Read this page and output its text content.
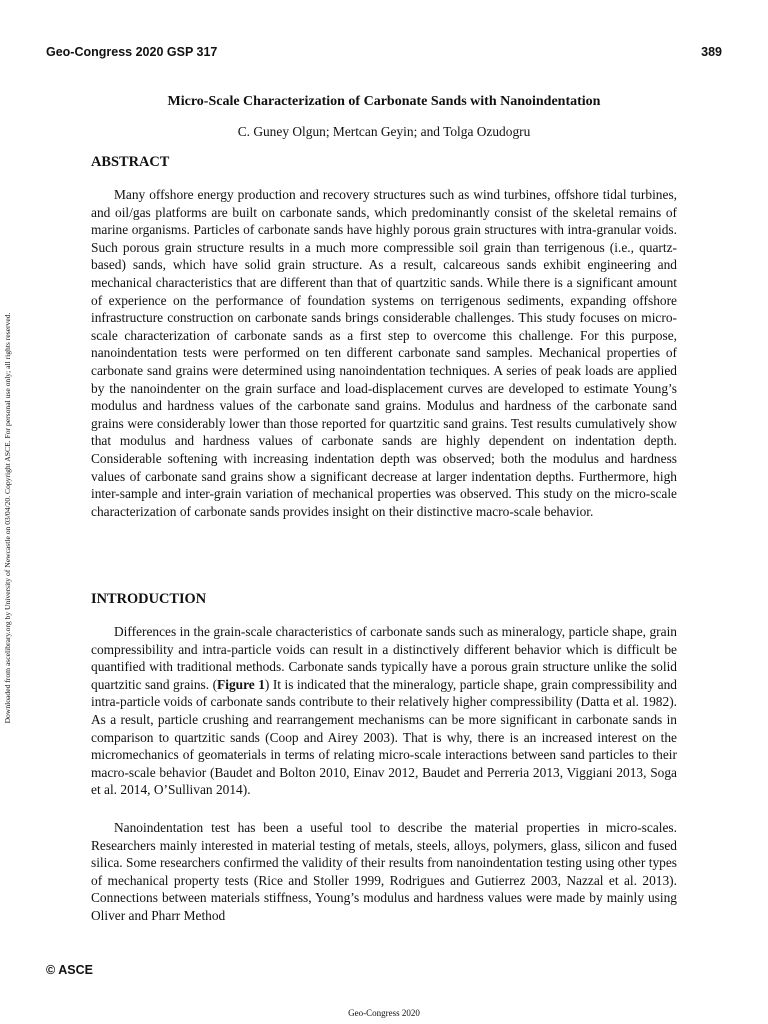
Geo-Congress 2020 GSP 317	389
Downloaded from ascelibrary.org by University of Newcastle on 03/04/20. Copyright ASCE. For personal use only; all rights reserved.
Micro-Scale Characterization of Carbonate Sands with Nanoindentation
C. Guney Olgun; Mertcan Geyin; and Tolga Ozudogru
ABSTRACT

Many offshore energy production and recovery structures such as wind turbines, offshore tidal turbines, and oil/gas platforms are built on carbonate sands, which predominantly consist of the skeletal remains of marine organisms. Particles of carbonate sands have highly porous grain structures with intra-granular voids. Such porous grain structure results in a much more compressible soil grain than terrigenous (i.e., quartz-based) sands, which have solid grain structure. As a result, calcareous sands exhibit engineering and mechanical characteristics that are different than that of quartzitic sands. While there is a significant amount of experience on the performance of foundation systems on terrigenous sediments, expanding offshore infrastructure construction on carbonate sands brings considerable challenges. This study focuses on micro-scale characterization of carbonate sands as a first step to overcome this challenge. For this purpose, nanoindentation tests were performed on ten different carbonate sand samples. Mechanical properties of carbonate sand grains were determined using nanoindentation techniques. A series of peak loads are applied by the nanoindenter on the grain surface and load-displacement curves are developed to estimate Young’s modulus and hardness values of the carbonate sand grains. Modulus and hardness of the carbonate sand grains were considerably lower than those reported for quartzitic sand grains. Test results cumulatively show that modulus and hardness values of carbonate sands are highly dependent on indentation depth. Considerable softening with increasing indentation depth was observed; both the modulus and hardness values of carbonate sand grains show a significant decrease at larger indentation depths. Furthermore, high inter-sample and inter-grain variation of mechanical properties was observed. This study on the micro-scale characterization of carbonate sands provides insight on their distinctive macro-scale behavior.

INTRODUCTION

Differences in the grain-scale characteristics of carbonate sands such as mineralogy, particle shape, grain compressibility and intra-particle voids can result in a distinctively different behavior which is difficult be quantified with traditional methods. Carbonate sands typically have a porous grain structure unlike the solid quartzitic sand grains. (Figure 1) It is indicated that the mineralogy, particle shape, grain compressibility and intra-particle voids of carbonate sands contribute to their relatively higher compressibility (Datta et al. 1982). As a result, particle crushing and rearrangement mechanisms can be more significant in carbonate sands in comparison to quartzitic sands (Coop and Airey 2003). That is why, there is an increased interest on the micromechanics of geomaterials in terms of relating micro-scale interactions between sand particles to their macro-scale behavior (Baudet and Bolton 2010, Einav 2012, Baudet and Perreria 2013, Viggiani 2013, Soga et al. 2014, O’Sullivan 2014).

Nanoindentation test has been a useful tool to describe the material properties in micro-scales. Researchers mainly interested in material testing of metals, steels, alloys, polymers, glass, silicon and fused silica. Some researchers confirmed the validity of their results from nanoindentation testing using other types of mechanical property tests (Rice and Stoller 1999, Rodrigues and Gutierrez 2003, Nazzal et al. 2013). Connections between materials stiffness, Young’s modulus and hardness values were made by mainly using Oliver and Pharr Method

© ASCE
Geo-Congress 2020
